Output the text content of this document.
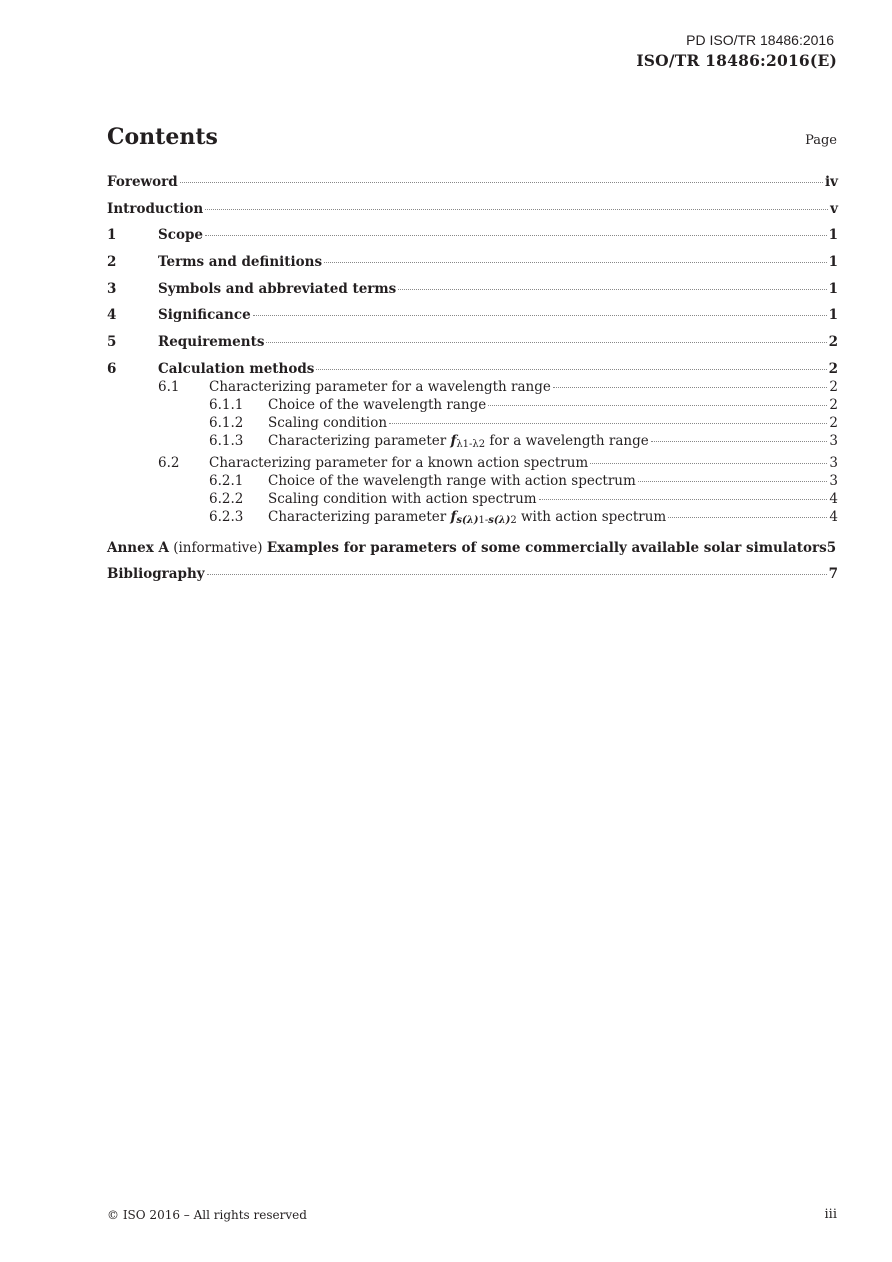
PD ISO/TR 18486:2016
ISO/TR 18486:2016(E)
Contents	Page
Foreword	iv
Introduction	v
1	Scope	1
2	Terms and definitions	1
3	Symbols and abbreviated terms	1
4	Significance	1
5	Requirements	2
6	Calculation methods	2
6.1	Characterizing parameter for a wavelength range	2
6.1.1	Choice of the wavelength range	2
6.1.2	Scaling condition	2
6.1.3	Characterizing parameter $f_{\lambda 1-\lambda 2}$ for a wavelength range	3
6.2	Characterizing parameter for a known action spectrum	3
6.2.1	Choice of the wavelength range with action spectrum	3
6.2.2	Scaling condition with action spectrum	4
6.2.3	Characterizing parameter $f_{s(\lambda)1-s(\lambda)2}$ with action spectrum	4
Annex A (informative) Examples for parameters of some commercially available solar simulators 5
Bibliography	7
© ISO 2016 – All rights reserved	iii
